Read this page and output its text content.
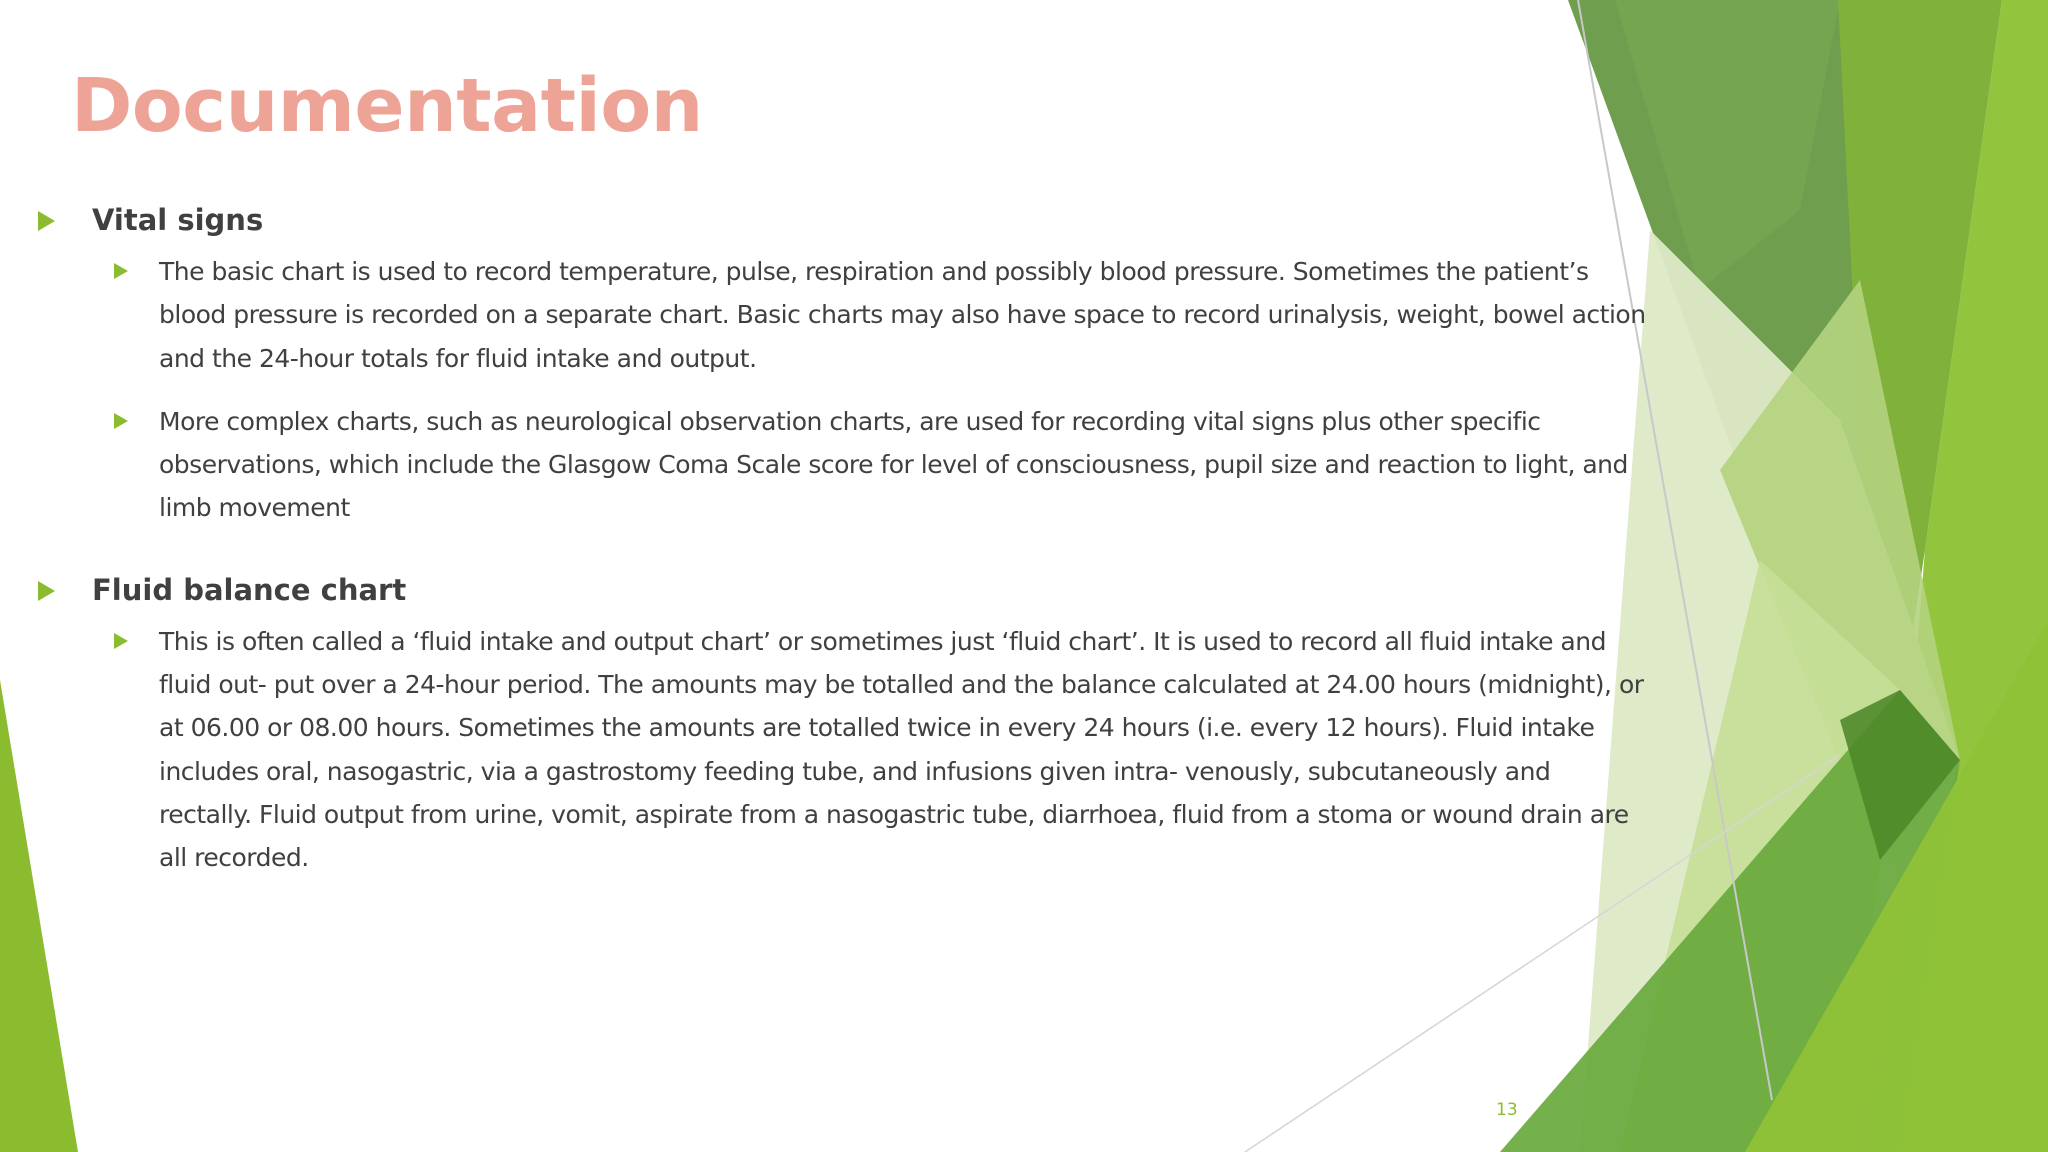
Documentation
Vital signs

The basic chart is used to record temperature, pulse, respiration and possibly blood pressure. Sometimes the patient’s blood pressure is recorded on a separate chart. Basic charts may also have space to record urinalysis, weight, bowel action and the 24-hour totals for fluid intake and output.

More complex charts, such as neurological observation charts, are used for recording vital signs plus other specific observations, which include the Glasgow Coma Scale score for level of consciousness, pupil size and reaction to light, and limb movement

Fluid balance chart

This is often called a ‘fluid intake and output chart’ or sometimes just ‘fluid chart’. It is used to record all fluid intake and fluid out- put over a 24-hour period. The amounts may be totalled and the balance calculated at 24.00 hours (midnight), or at 06.00 or 08.00 hours. Sometimes the amounts are totalled twice in every 24 hours (i.e. every 12 hours). Fluid intake includes oral, nasogastric, via a gastrostomy feeding tube, and infusions given intra- venously, subcutaneously and rectally. Fluid output from urine, vomit, aspirate from a nasogastric tube, diarrhoea, fluid from a stoma or wound drain are all recorded.

13
